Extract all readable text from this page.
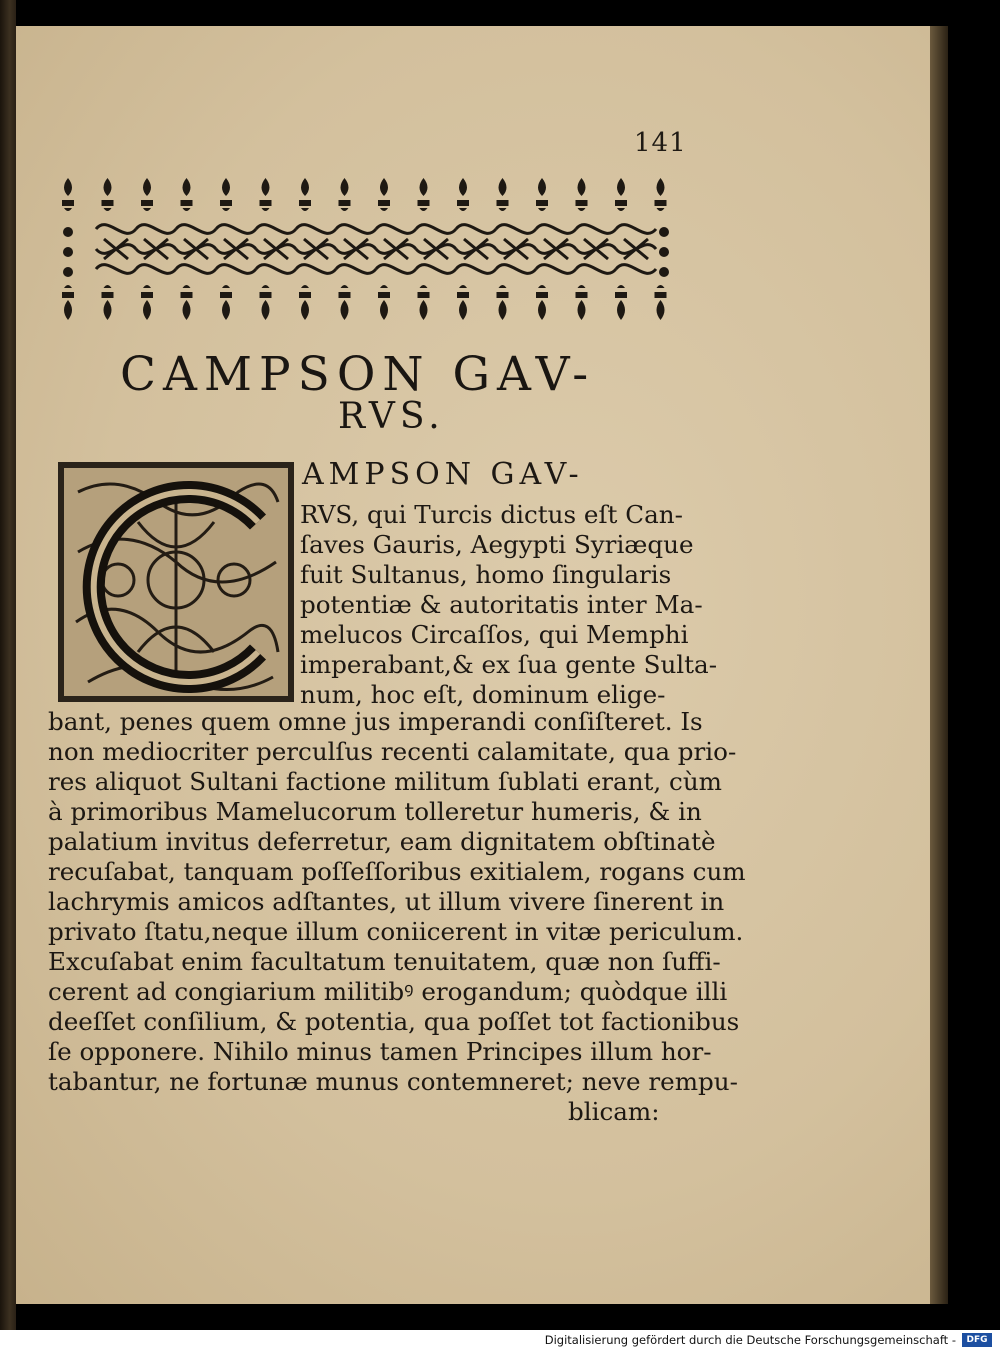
141
CAMPSON GAV-
RVS.
AMPSON GAV-
RVS, qui Turcis dictus eſt Can-
ſaves Gauris, Aegypti Syriæque
fuit Sultanus, homo ſingularis
potentiæ & autoritatis inter Ma-
melucos Circaſſos, qui Memphi
imperabant,& ex ſua gente Sulta-
num, hoc eſt, dominum elige-
bant, penes quem omne jus imperandi conſiſteret. Is
non mediocriter perculſus recenti calamitate, qua prio-
res aliquot Sultani factione militum ſublati erant, cùm
à primoribus Mamelucorum tolleretur humeris, & in
palatium invitus deferretur, eam dignitatem obſtinatè
recuſabat, tanquam poſſeſſoribus exitialem, rogans cum
lachrymis amicos adſtantes, ut illum vivere ſinerent in
privato ſtatu,neque illum coniicerent in vitæ periculum.
Excuſabat enim facultatum tenuitatem, quæ non ſuffi-
cerent ad congiarium militibꝰ erogandum; quòdque illi
deeſſet conſilium, & potentia, qua poſſet tot factionibus
ſe opponere. Nihilo minus tamen Principes illum hor-
tabantur, ne fortunæ munus contemneret; neve rempu-
blicam:
Digitalisierung gefördert durch die Deutsche Forschungsgemeinschaft -	DFG
